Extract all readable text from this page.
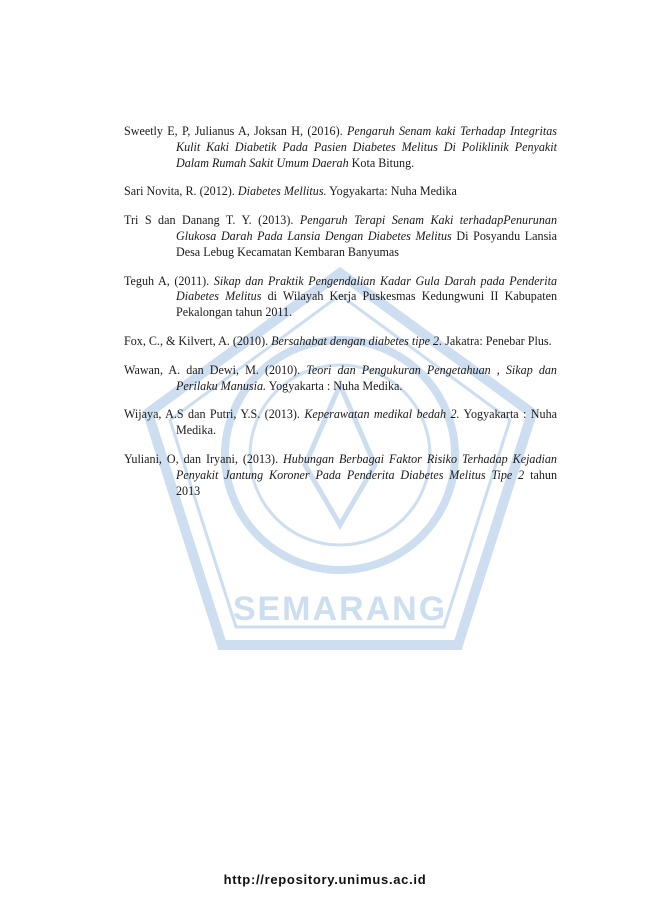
SEMARANG

Sweetly E, P, Julianus A, Joksan H, (2016). Pengaruh Senam kaki Terhadap Integritas Kulit Kaki Diabetik Pada Pasien Diabetes Melitus Di Poliklinik Penyakit Dalam Rumah Sakit Umum Daerah Kota Bitung.

Sari Novita, R. (2012). Diabetes Mellitus. Yogyakarta: Nuha Medika

Tri S dan Danang T. Y. (2013). Pengaruh Terapi Senam Kaki terhadapPenurunan Glukosa Darah Pada Lansia Dengan Diabetes Melitus Di Posyandu Lansia Desa Lebug Kecamatan Kembaran Banyumas

Teguh A, (2011). Sikap dan Praktik Pengendalian Kadar Gula Darah pada Penderita Diabetes Melitus di Wilayah Kerja Puskesmas Kedungwuni II Kabupaten Pekalongan tahun 2011.

Fox, C., & Kilvert, A. (2010). Bersahabat dengan diabetes tipe 2. Jakatra: Penebar Plus.

Wawan, A. dan Dewi, M. (2010). Teori dan Pengukuran Pengetahuan , Sikap dan Perilaku Manusia. Yogyakarta : Nuha Medika.

Wijaya, A.S dan Putri, Y.S. (2013). Keperawatan medikal bedah 2. Yogyakarta : Nuha Medika.

Yuliani, O, dan Iryani, (2013). Hubungan Berbagai Faktor Risiko Terhadap Kejadian Penyakit Jantung Koroner Pada Penderita Diabetes Melitus Tipe 2 tahun 2013

http://repository.unimus.ac.id
